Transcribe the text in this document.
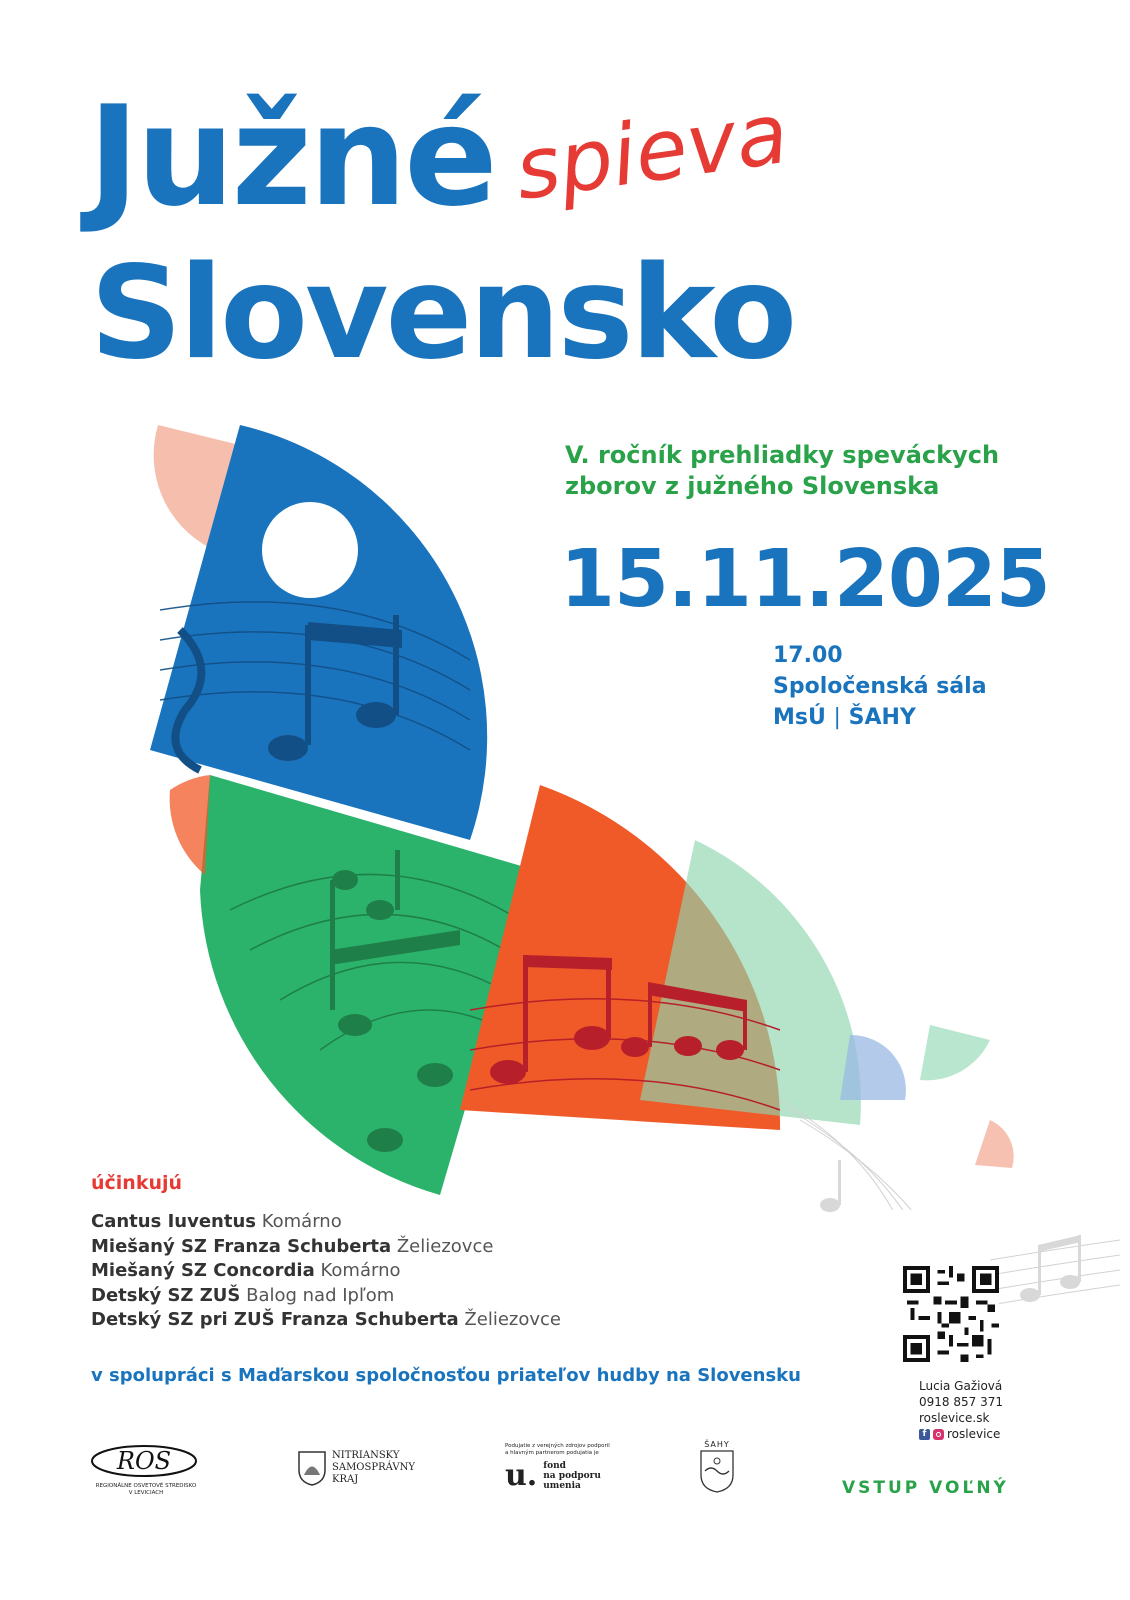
Južné spieva
Slovensko
V. ročník prehliadky speváckych
zborov z južného Slovenska
15.11.2025
17.00
Spoločenská sála
MsÚ | ŠAHY
účinkujú
Cantus Iuventus Komárno
Miešaný SZ Franza Schuberta Želiezovce
Miešaný SZ Concordia Komárno
Detský SZ ZUŠ Balog nad Ipľom
Detský SZ pri ZUŠ Franza Schuberta Želiezovce
v spolupráci s Maďarskou spoločnosťou priateľov hudby na Slovensku	Lucia Gažiová
0918 857 371
roslevice.sk
f roslevice
ROS
REGIONÁLNE OSVETOVÉ STREDISKO
V LEVICIACH
NITRIANSKY
SAMOSPRÁVNY
KRAJ
Podujatie z verejných zdrojov podporil
a hlavným partnerom podujatia je
u. fond
na podporu
umenia
ŠAHY
VSTUP VOĽNÝ
